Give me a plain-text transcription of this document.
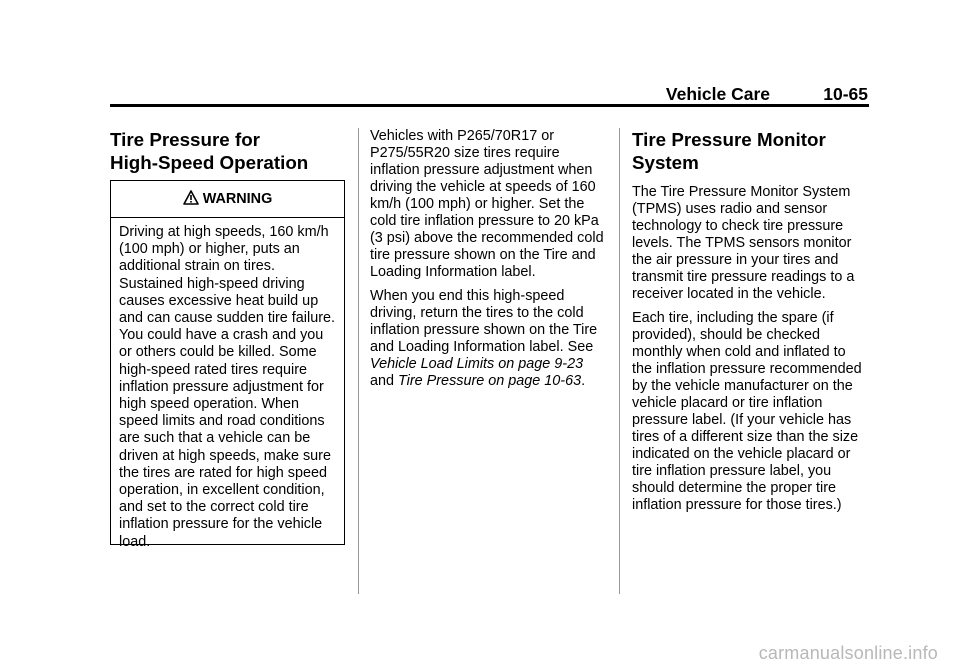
Vehicle Care	10-65
Tire Pressure for
High-Speed Operation
WARNING
Driving at high speeds, 160 km/h (100 mph) or higher, puts an additional strain on tires. Sustained high-speed driving causes excessive heat build up and can cause sudden tire failure. You could have a crash and you or others could be killed. Some high-speed rated tires require inflation pressure adjustment for high speed operation. When speed limits and road conditions are such that a vehicle can be driven at high speeds, make sure the tires are rated for high speed operation, in excellent condition, and set to the correct cold tire inflation pressure for the vehicle load.

Vehicles with P265/70R17 or P275/55R20 size tires require inflation pressure adjustment when driving the vehicle at speeds of 160 km/h (100 mph) or higher. Set the cold tire inflation pressure to 20 kPa (3 psi) above the recommended cold tire pressure shown on the Tire and Loading Information label.

When you end this high-speed driving, return the tires to the cold inflation pressure shown on the Tire and Loading Information label. See Vehicle Load Limits on page 9-23 and Tire Pressure on page 10-63.

Tire Pressure Monitor
System

The Tire Pressure Monitor System (TPMS) uses radio and sensor technology to check tire pressure levels. The TPMS sensors monitor the air pressure in your tires and transmit tire pressure readings to a receiver located in the vehicle.

Each tire, including the spare (if provided), should be checked monthly when cold and inflated to the inflation pressure recommended by the vehicle manufacturer on the vehicle placard or tire inflation pressure label. (If your vehicle has tires of a different size than the size indicated on the vehicle placard or tire inflation pressure label, you should determine the proper tire inflation pressure for those tires.)

carmanualsonline.info
